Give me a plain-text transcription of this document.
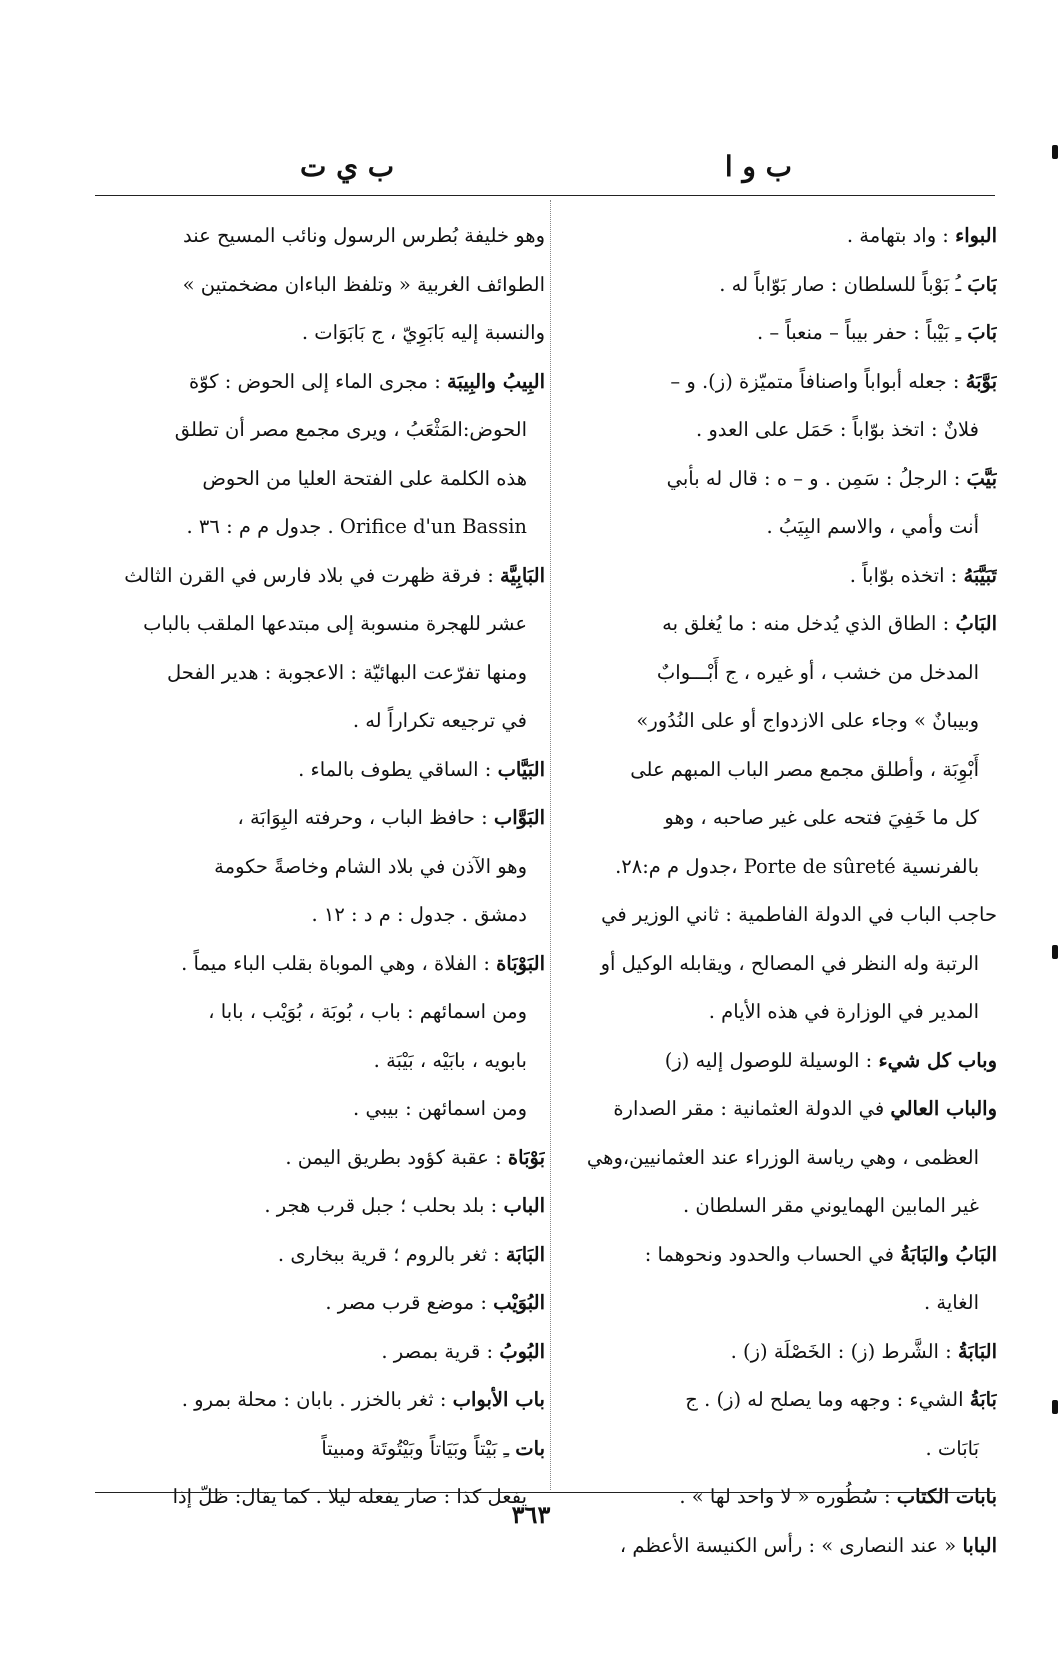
ب و ا
ب ي ت
البواء : واد بتهامة .
بَابَ ـُ بَوْباً للسلطان : صار بَوّاباً له .
بَابَ ـِ بَيْباً : حفر بيباً – منعباً – .
بَوَّبَهُ : جعله أبواباً واصنافاً متميّزة (ز). و –
فلانٌ : اتخذ بوّاباً : حَمَل على العدو .
بَيَّبَ : الرجلُ : سَمِن . و – ه : قال له بأبي
أنت وأمي ، والاسم البِيَبُ .
تَبَيَّبَهُ : اتخذه بوّاباً .
البَابُ : الطاق الذي يُدخل منه : ما يُغلق به
المدخل من خشب ، أو غيره ، ج أَبْـــوابٌ
وبيبانٌ » وجاء على الازدواج أو على النُدُور»
أَبْوِبَة ، وأطلق مجمع مصر الباب المبهم على
كل ما خَفِيَ فتحه على غير صاحبه ، وهو
بالفرنسية Porte de sûreté ،جدول م م:٢٨.
حاجب الباب في الدولة الفاطمية : ثاني الوزير في
الرتبة وله النظر في المصالح ، ويقابله الوكيل أو
المدير في الوزارة في هذه الأيام .
وباب كل شيء : الوسيلة للوصول إليه (ز)
والباب العالي في الدولة العثمانية : مقر الصدارة
العظمى ، وهي رياسة الوزراء عند العثمانيين،وهي
غير المابين الهمايوني مقر السلطان .
البَابُ والبَابَةُ في الحساب والحدود ونحوهما :
الغاية .
البَابَةُ : الشَّرط (ز) : الخَصْلَة (ز) .
بَابَةُ الشيء : وجهه وما يصلح له (ز) . ج
بَابَات .
بابات الكتاب : سُطُوره « لا واحد لها » .
البابا « عند النصارى » : رأس الكنيسة الأعظم ،
وهو خليفة بُطرس الرسول ونائب المسيح عند
الطوائف الغربية « وتلفظ الباءان مضخمتين »
والنسبة إليه بَابَوِيّ ، ج بَابَوَات .
البِيبُ والبِيبَة : مجرى الماء إلى الحوض : كوّة
الحوض:المَثْعَبُ ، ويرى مجمع مصر أن تطلق
هذه الكلمة على الفتحة العليا من الحوض
Orifice d'un Bassin . جدول م م : ٣٦ .
البَابِيَّة : فرقة ظهرت في بلاد فارس في القرن الثالث
عشر للهجرة منسوبة إلى مبتدعها الملقب بالباب
ومنها تفرّعت البهائيّة : الاعجوبة : هدير الفحل
في ترجيعه تكراراً له .
البَيَّاب : الساقي يطوف بالماء .
البَوَّاب : حافظ الباب ، وحرفته البِوَابَة ،
وهو الآذن في بلاد الشام وخاصةً حكومة
دمشق . جدول : م د : ١٢ .
البَوْبَاة : الفلاة ، وهي الموباة بقلب الباء ميماً .
ومن اسمائهم : باب ، بُوبَة ، بُوَيْب ، بابا ،
بابويه ، بابَيْه ، بَيْبَة .
ومن اسمائهن : بيبي .
بَوْبَاة : عقبة كؤود بطريق اليمن .
الباب : بلد بحلب ؛ جبل قرب هجر .
البَابَة : ثغر بالروم ؛ قرية ببخارى .
البُوَيْب : موضع قرب مصر .
البُوبُ : قرية بمصر .
باب الأبواب : ثغر بالخزر . بابان : محلة بمرو .
بات ـِ بَيْتاً وبَيَاتاً وبَيْتُوتَة ومبيتاً
يفعل كذا : صار يفعله ليلا . كما يقال: ظلّ إذا
٣٦٣
